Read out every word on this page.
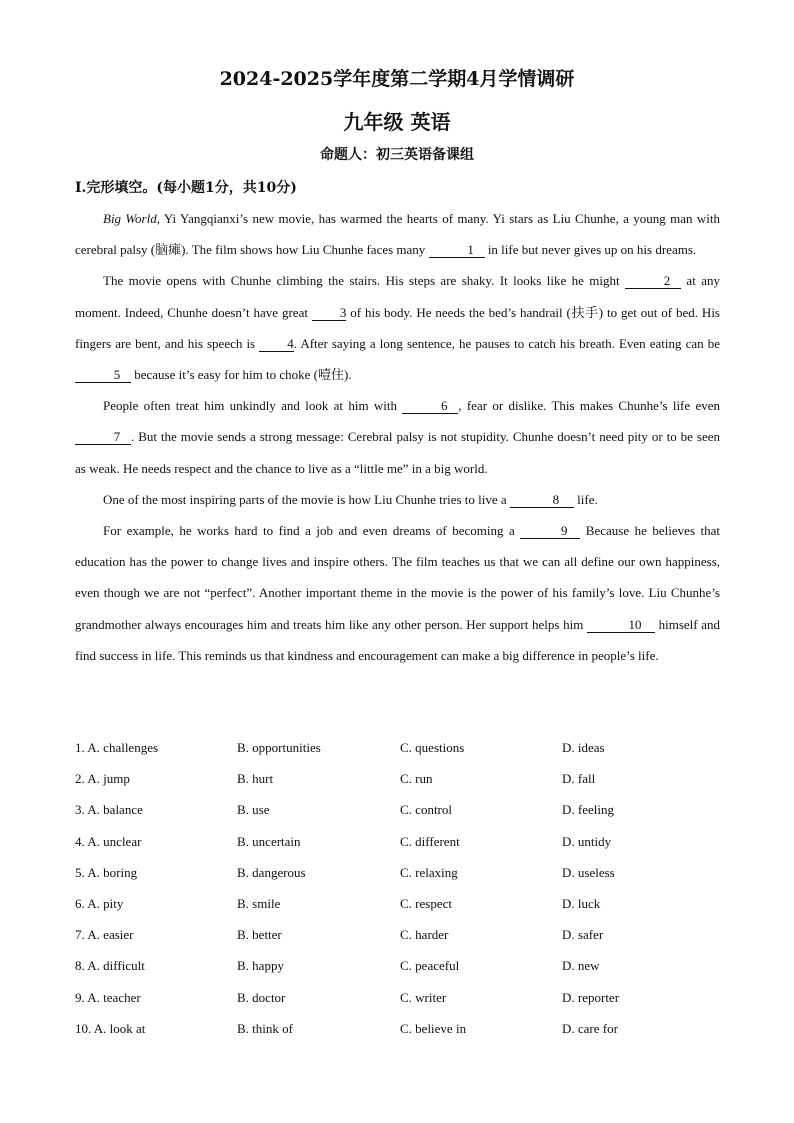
2024-2025学年度第二学期4月学情调研
九年级 英语
命题人：初三英语备课组
I.完形填空。(每小题1分，共10分)

Big World, Yi Yangqianxi’s new movie, has warmed the hearts of many. Yi stars as Liu Chunhe, a young man with cerebral palsy (脑瘫). The film shows how Liu Chunhe faces many	1 in life but never gives up on his dreams.

The movie opens with Chunhe climbing the stairs. His steps are shaky. It looks like he might	2 at any moment. Indeed, Chunhe doesn’t have great 3 of his body. He needs the bed’s handrail (扶手) to get out of bed. His fingers are bent, and his speech is 4. After saying a long sentence, he pauses to catch his breath. Even eating can be 5 because it’s easy for him to choke (噎住).

People often treat him unkindly and look at him with	6 , fear or dislike. This makes Chunhe’s life even 7 . But the movie sends a strong message: Cerebral palsy is not stupidity. Chunhe doesn’t need pity or to be seen as weak. He needs respect and the chance to live as a “little me” in a big world.

One of the most inspiring parts of the movie is how Liu Chunhe tries to live a	8 life.

For example, he works hard to find a job and even dreams of becoming a	9 Because he believes that education has the power to change lives and inspire others. The film teaches us that we can all define our own happiness, even though we are not “perfect”. Another important theme in the movie is the power of his family’s love. Liu Chunhe’s grandmother always encourages him and treats him like any other person. Her support helps him	10 himself and find success in life. This reminds us that kindness and encouragement can make a big difference in people’s life.

1. A. challenges	B. opportunities	C. questions	D. ideas
2. A. jump	B. hurt	C. run	D. fall
3. A. balance	B. use	C. control	D. feeling
4. A. unclear	B. uncertain	C. different	D. untidy
5. A. boring	B. dangerous	C. relaxing	D. useless
6. A. pity	B. smile	C. respect	D. luck
7. A. easier	B. better	C. harder	D. safer
8. A. difficult	B. happy	C. peaceful	D. new
9. A. teacher	B. doctor	C. writer	D. reporter
10. A. look at	B. think of	C. believe in	D. care for
